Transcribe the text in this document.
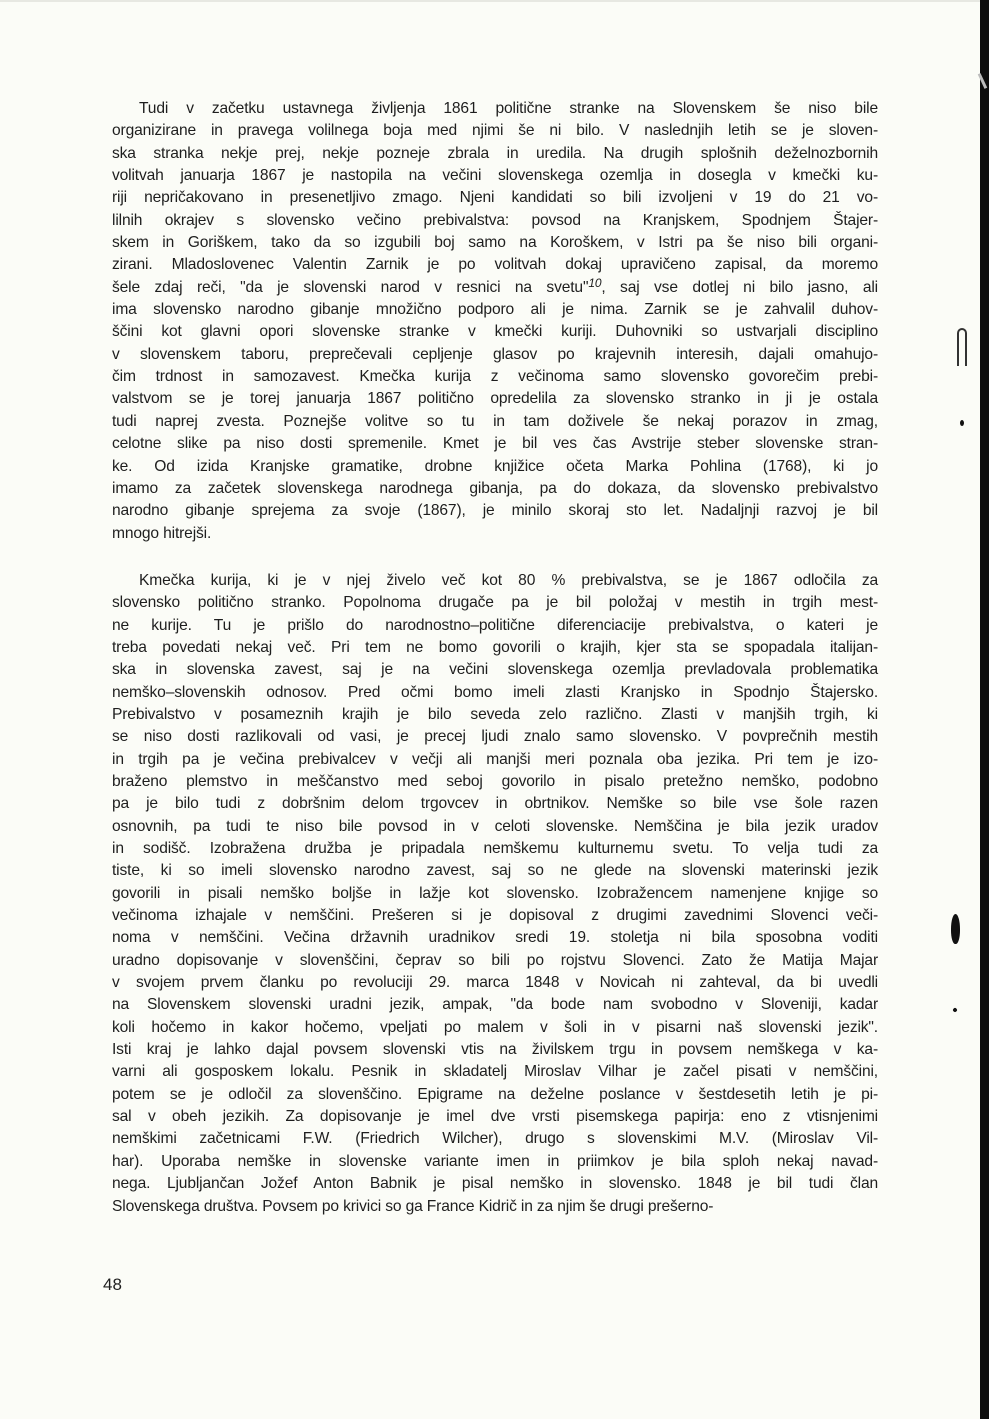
Tudi v začetku ustavnega življenja 1861 politične stranke na Slovenskem še niso bile
organizirane in pravega volilnega boja med njimi še ni bilo. V naslednjih letih se je sloven-
ska stranka nekje prej, nekje pozneje zbrala in uredila. Na drugih splošnih deželnozbornih
volitvah januarja 1867 je nastopila na večini slovenskega ozemlja in dosegla v kmečki ku-
riji nepričakovano in presenetljivo zmago. Njeni kandidati so bili izvoljeni v 19 do 21 vo-
lilnih okrajev s slovensko večino prebivalstva: povsod na Kranjskem, Spodnjem Štajer-
skem in Goriškem, tako da so izgubili boj samo na Koroškem, v Istri pa še niso bili organi-
zirani. Mladoslovenec Valentin Zarnik je po volitvah dokaj upravičeno zapisal, da moremo
šele zdaj reči, "da je slovenski narod v resnici na svetu"$^{10}$, saj vse dotlej ni bilo jasno, ali
ima slovensko narodno gibanje množično podporo ali je nima. Zarnik se je zahvalil duhov-
ščini kot glavni opori slovenske stranke v kmečki kuriji. Duhovniki so ustvarjali disciplino
v slovenskem taboru, preprečevali cepljenje glasov po krajevnih interesih, dajali omahujo-
čim trdnost in samozavest. Kmečka kurija z večinoma samo slovensko govorečim prebi-
valstvom se je torej januarja 1867 politično opredelila za slovensko stranko in ji je ostala
tudi naprej zvesta. Poznejše volitve so tu in tam doživele še nekaj porazov in zmag,
celotne slike pa niso dosti spremenile. Kmet je bil ves čas Avstrije steber slovenske stran-
ke. Od izida Kranjske gramatike, drobne knjižice očeta Marka Pohlina (1768), ki jo
imamo za začetek slovenskega narodnega gibanja, pa do dokaza, da slovensko prebivalstvo
narodno gibanje sprejema za svoje (1867), je minilo skoraj sto let. Nadaljnji razvoj je bil
mnogo hitrejši.

Kmečka kurija, ki je v njej živelo več kot 80 % prebivalstva, se je 1867 odločila za
slovensko politično stranko. Popolnoma drugače pa je bil položaj v mestih in trgih mest-
ne kurije. Tu je prišlo do narodnostno–politične diferenciacije prebivalstva, o kateri je
treba povedati nekaj več. Pri tem ne bomo govorili o krajih, kjer sta se spopadala italijan-
ska in slovenska zavest, saj je na večini slovenskega ozemlja prevladovala problematika
nemško–slovenskih odnosov. Pred očmi bomo imeli zlasti Kranjsko in Spodnjo Štajersko.
Prebivalstvo v posameznih krajih je bilo seveda zelo različno. Zlasti v manjših trgih, ki
se niso dosti razlikovali od vasi, je precej ljudi znalo samo slovensko. V povprečnih mestih
in trgih pa je večina prebivalcev v večji ali manjši meri poznala oba jezika. Pri tem je izo-
braženo plemstvo in meščanstvo med seboj govorilo in pisalo pretežno nemško, podobno
pa je bilo tudi z dobršnim delom trgovcev in obrtnikov. Nemške so bile vse šole razen
osnovnih, pa tudi te niso bile povsod in v celoti slovenske. Nemščina je bila jezik uradov
in sodišč. Izobražena družba je pripadala nemškemu kulturnemu svetu. To velja tudi za
tiste, ki so imeli slovensko narodno zavest, saj so ne glede na slovenski materinski jezik
govorili in pisali nemško boljše in lažje kot slovensko. Izobražencem namenjene knjige so
večinoma izhajale v nemščini. Prešeren si je dopisoval z drugimi zavednimi Slovenci veči-
noma v nemščini. Večina državnih uradnikov sredi 19. stoletja ni bila sposobna voditi
uradno dopisovanje v slovenščini, čeprav so bili po rojstvu Slovenci. Zato že Matija Majar
v svojem prvem članku po revoluciji 29. marca 1848 v Novicah ni zahteval, da bi uvedli
na Slovenskem slovenski uradni jezik, ampak, "da bode nam svobodno v Sloveniji, kadar
koli hočemo in kakor hočemo, vpeljati po malem v šoli in v pisarni naš slovenski jezik".
Isti kraj je lahko dajal povsem slovenski vtis na živilskem trgu in povsem nemškega v ka-
varni ali gosposkem lokalu. Pesnik in skladatelj Miroslav Vilhar je začel pisati v nemščini,
potem se je odločil za slovenščino. Epigrame na deželne poslance v šestdesetih letih je pi-
sal v obeh jezikih. Za dopisovanje je imel dve vrsti pisemskega papirja: eno z vtisnjenimi
nemškimi začetnicami F.W. (Friedrich Wilcher), drugo s slovenskimi M.V. (Miroslav Vil-
har). Uporaba nemške in slovenske variante imen in priimkov je bila sploh nekaj navad-
nega. Ljubljančan Jožef Anton Babnik je pisal nemško in slovensko. 1848 je bil tudi član
Slovenskega društva. Povsem po krivici so ga France Kidrič in za njim še drugi prešerno-

48
